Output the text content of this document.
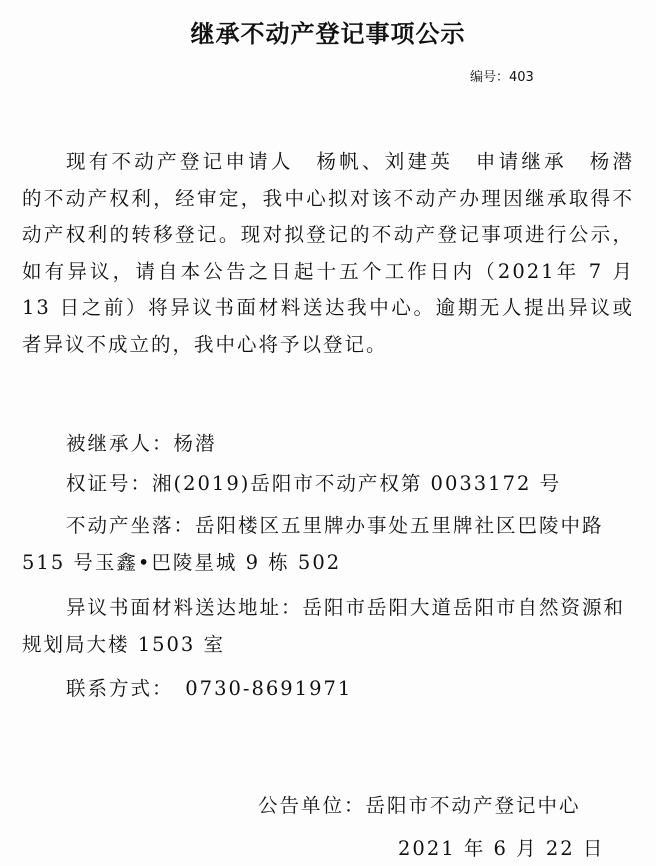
继承不动产登记事项公示
编号：403
现有不动产登记申请人　杨帆、刘建英　申请继承　杨潜　的不动产权利，经审定，我中心拟对该不动产办理因继承取得不动产权利的转移登记。现对拟登记的不动产登记事项进行公示，如有异议，请自本公告之日起十五个工作日内（2021年 7 月 13 日之前）将异议书面材料送达我中心。逾期无人提出异议或者异议不成立的，我中心将予以登记。
被继承人：杨潜
权证号：湘(2019)岳阳市不动产权第 0033172 号
不动产坐落：岳阳楼区五里牌办事处五里牌社区巴陵中路515 号玉鑫•巴陵星城 9 栋 502
异议书面材料送达地址：岳阳市岳阳大道岳阳市自然资源和规划局大楼 1503 室
联系方式：　0730-8691971
公告单位：岳阳市不动产登记中心
2021 年 6 月 22 日
